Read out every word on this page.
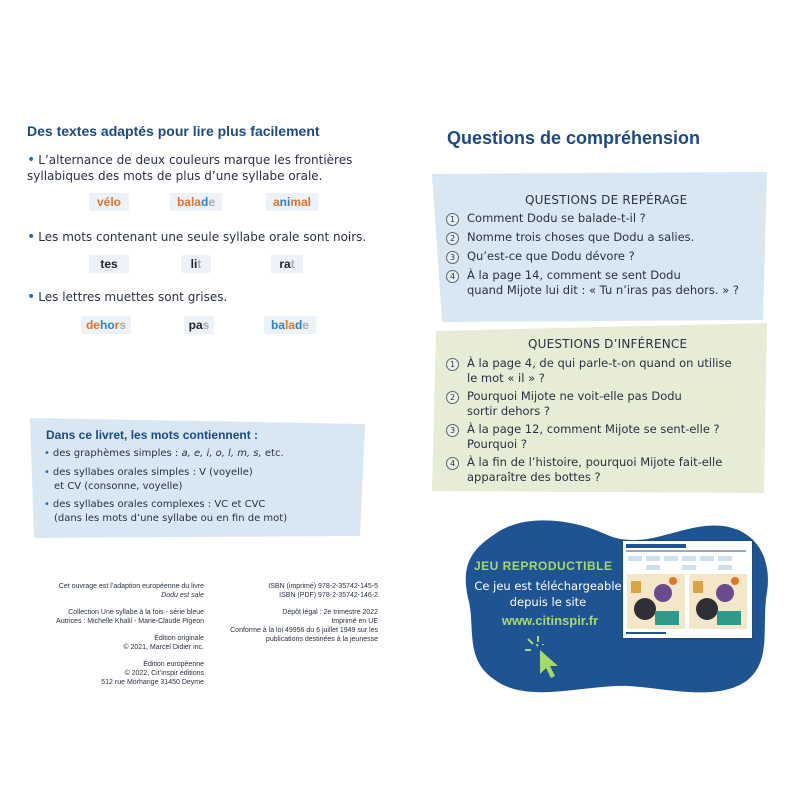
Des textes adaptés pour lire plus facilement
• L’alternance de deux couleurs marque les frontières syllabiques des mots de plus d’une syllabe orale.
vélo	balade	animal
• Les mots contenant une seule syllabe orale sont noirs.
tes	lit	rat
• Les lettres muettes sont grises.
dehors	pas	balade
Dans ce livret, les mots contiennent :
• des graphèmes simples : a, e, i, o, l, m, s, etc.
• des syllabes orales simples : V (voyelle)
et CV (consonne, voyelle)
• des syllabes orales complexes : VC et CVC
(dans les mots d’une syllabe ou en fin de mot)
Cet ouvrage est l’adaption européenne du livre
Dodu est sale
Collection Une syllabe à la fois - série bleue
Autrices : Michelle Khalil - Marie-Claude Pigeon
Édition originale
© 2021, Marcel Didier inc.
Édition européenne
© 2022, Cit’inspir éditions
512 rue Morhange 31450 Deyme
ISBN (imprimé) 978-2-35742-145-5
ISBN (PDF) 978-2-35742-146-2
Dépôt légal : 2e trimestre 2022
Imprimé en UE
Conforme à la loi 49956 du 6 juillet 1949 sur les
publications destinées à la jeunesse
Questions de compréhension
QUESTIONS DE REPÉRAGE
1	Comment Dodu se balade-t-il ?
2	Nomme trois choses que Dodu a salies.
3	Qu’est-ce que Dodu dévore ?
4	À la page 14, comment se sent Dodu
quand Mijote lui dit : « Tu n’iras pas dehors. » ?
QUESTIONS D’INFÉRENCE
1	À la page 4, de qui parle-t-on quand on utilise
le mot « il » ?
2	Pourquoi Mijote ne voit-elle pas Dodu
sortir dehors ?
3	À la page 12, comment Mijote se sent-elle ?
Pourquoi ?
4	À la fin de l’histoire, pourquoi Mijote fait-elle
apparaître des bottes ?
JEU REPRODUCTIBLE
Ce jeu est téléchargeable
depuis le site
www.citinspir.fr
